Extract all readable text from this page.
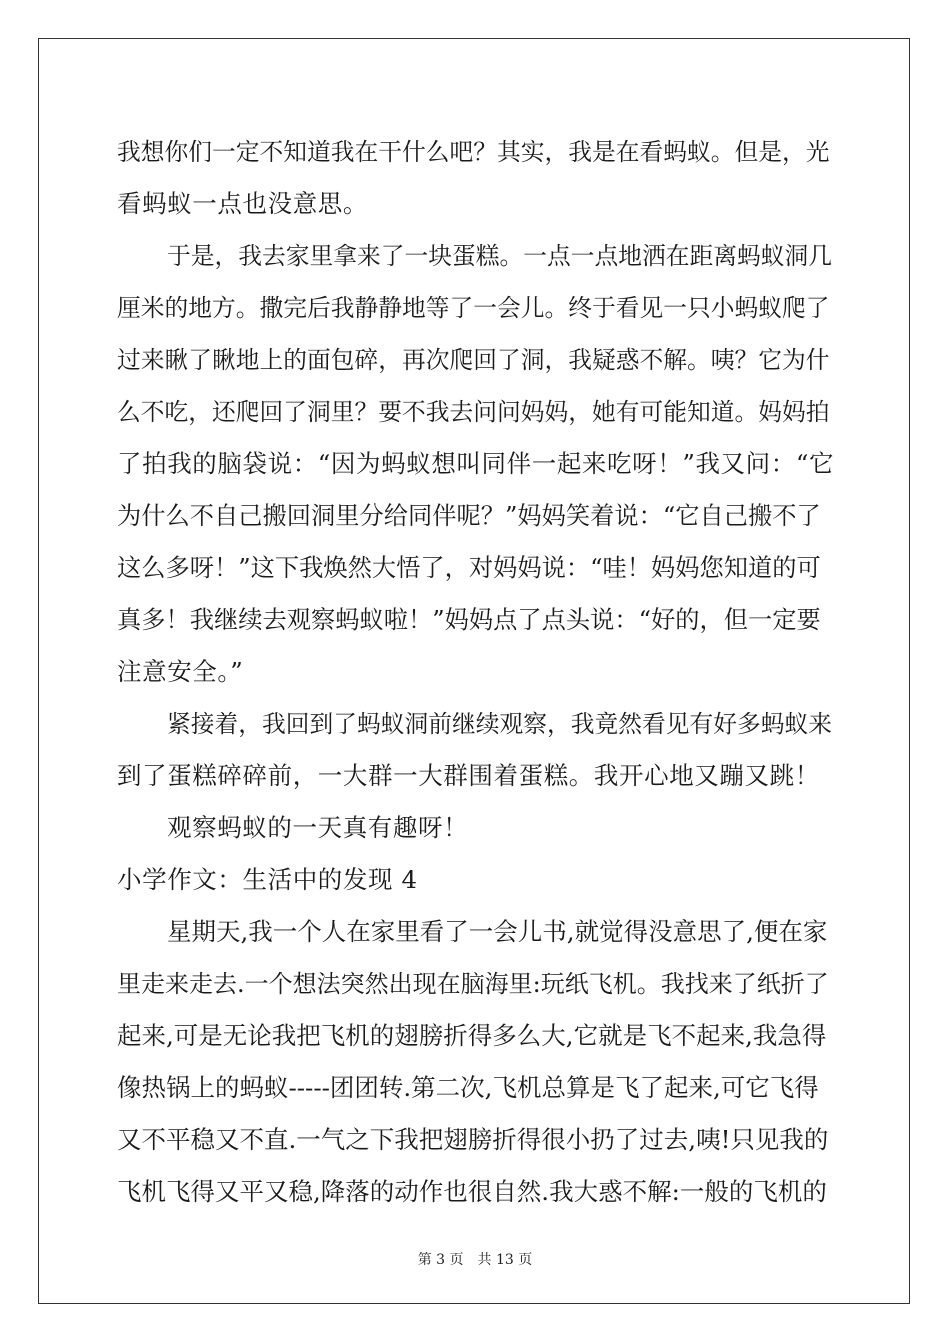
我想你们一定不知道我在干什么吧？其实，我是在看蚂蚁。但是，光
看蚂蚁一点也没意思。
于是，我去家里拿来了一块蛋糕。一点一点地洒在距离蚂蚁洞几
厘米的地方。撒完后我静静地等了一会儿。终于看见一只小蚂蚁爬了
过来瞅了瞅地上的面包碎，再次爬回了洞，我疑惑不解。咦？它为什
么不吃，还爬回了洞里？要不我去问问妈妈，她有可能知道。妈妈拍
了拍我的脑袋说：“因为蚂蚁想叫同伴一起来吃呀！”我又问：“它
为什么不自己搬回洞里分给同伴呢？”妈妈笑着说：“它自己搬不了
这么多呀！”这下我焕然大悟了，对妈妈说：“哇！妈妈您知道的可
真多！我继续去观察蚂蚁啦！”妈妈点了点头说：“好的，但一定要
注意安全。”
紧接着，我回到了蚂蚁洞前继续观察，我竟然看见有好多蚂蚁来
到了蛋糕碎碎前，一大群一大群围着蛋糕。我开心地又蹦又跳！
观察蚂蚁的一天真有趣呀！
小学作文：生活中的发现 4
星期天,我一个人在家里看了一会儿书,就觉得没意思了,便在家
里走来走去.一个想法突然出现在脑海里:玩纸飞机。我找来了纸折了
起来,可是无论我把飞机的翅膀折得多么大,它就是飞不起来,我急得
像热锅上的蚂蚁-----团团转.第二次,飞机总算是飞了起来,可它飞得
又不平稳又不直.一气之下我把翅膀折得很小扔了过去,咦!只见我的
飞机飞得又平又稳,降落的动作也很自然.我大惑不解:一般的飞机的
第 3 页 共 13 页
